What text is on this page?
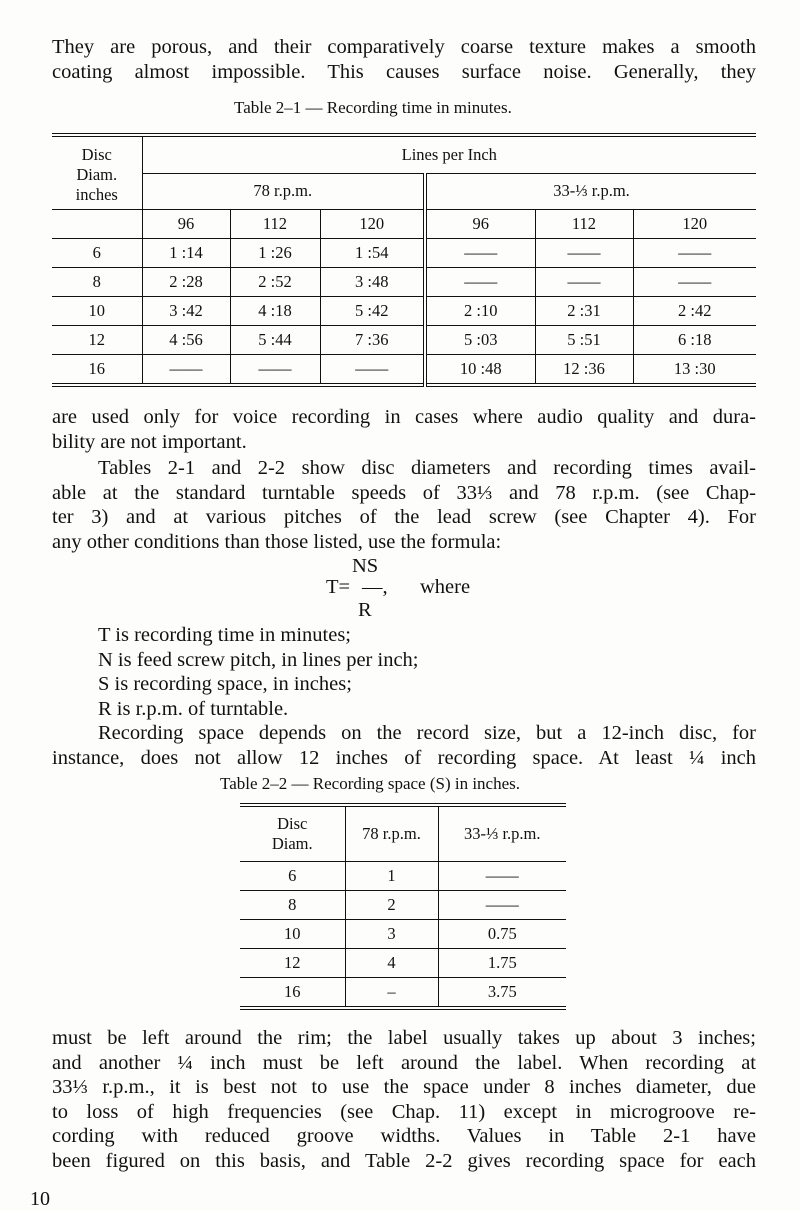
They are porous, and their comparatively coarse texture makes a smooth
coating almost impossible. This causes surface noise. Generally, they

Table 2–1 — Recording time in minutes.
Disc
Diam.
inches	Lines per Inch					
	78 r.p.m.			33-⅓ r.p.m.		
	96	112	120	96	112	120
6	1 :14	1 :26	1 :54	——	——	——
8	2 :28	2 :52	3 :48	——	——	——
10	3 :42	4 :18	5 :42	2 :10	2 :31	2 :42
12	4 :56	5 :44	7 :36	5 :03	5 :51	6 :18
16	——	——	——	10 :48	12 :36	13 :30

are used only for voice recording in cases where audio quality and dura-
bility are not important.

Tables 2-1 and 2-2 show disc diameters and recording times avail-
able at the standard turntable speeds of 33⅓ and 78 r.p.m. (see Chap-
ter 3) and at various pitches of the lead screw (see Chapter 4). For
any other conditions than those listed, use the formula:

NS
T= —, where
R
T is recording time in minutes;
N is feed screw pitch, in lines per inch;
S is recording space, in inches;
R is r.p.m. of turntable.

Recording space depends on the record size, but a 12-inch disc, for
instance, does not allow 12 inches of recording space. At least ¼ inch

Table 2–2 — Recording space (S) in inches.
Disc
Diam.	78 r.p.m.	33-⅓ r.p.m.
6	1	——
8	2	——
10	3	0.75
12	4	1.75
16	–	3.75

must be left around the rim; the label usually takes up about 3 inches;
and another ¼ inch must be left around the label. When recording at
33⅓ r.p.m., it is best not to use the space under 8 inches diameter, due
to loss of high frequencies (see Chap. 11) except in microgroove re-
cording with reduced groove widths. Values in Table 2-1 have
been figured on this basis, and Table 2-2 gives recording space for each

10
